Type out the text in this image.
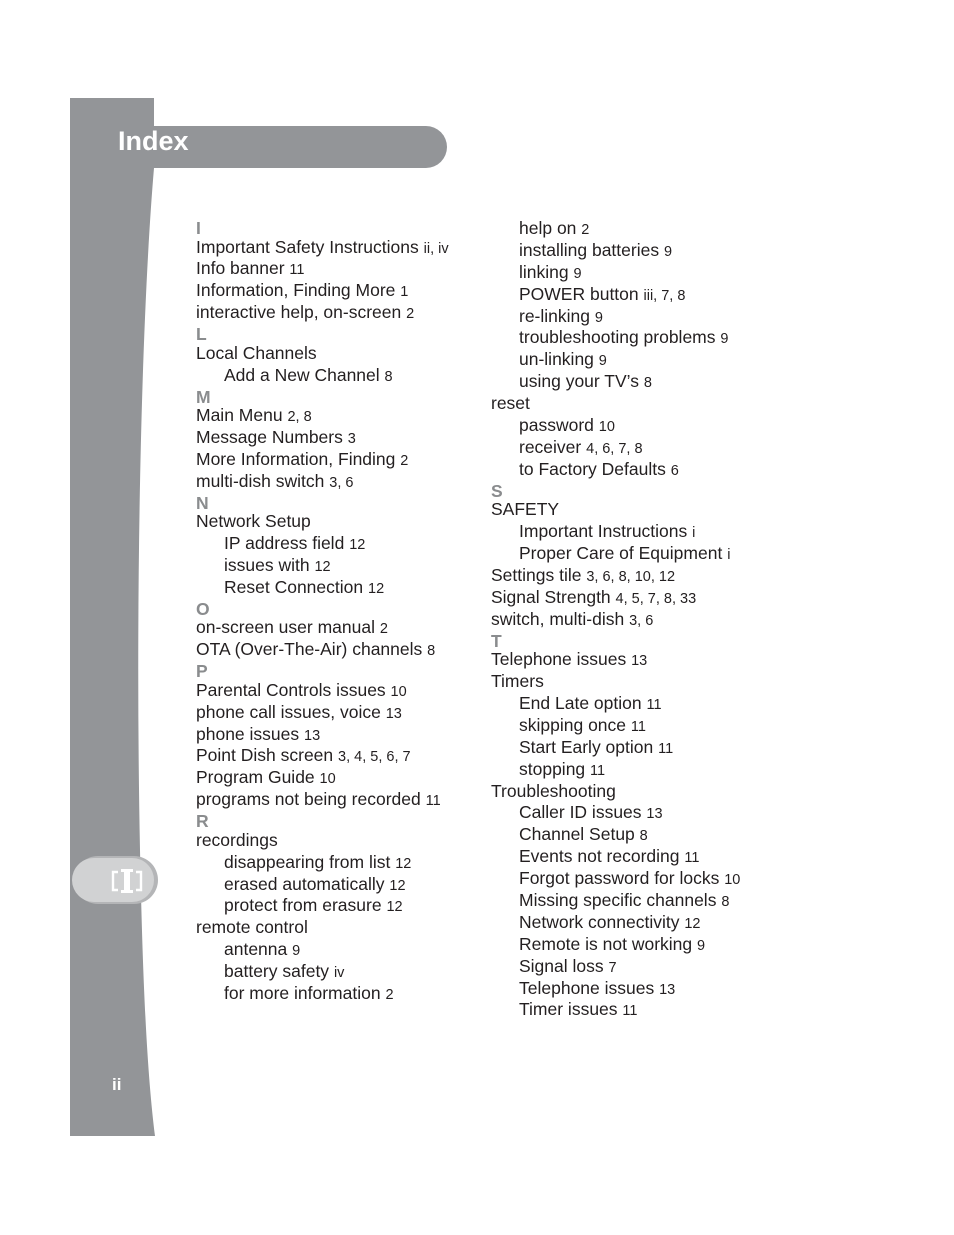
Index
ii
I
Important Safety Instructions ii, iv
Info banner 11
Information, Finding More 1
interactive help, on-screen 2
L
Local Channels
Add a New Channel 8
M
Main Menu 2, 8
Message Numbers 3
More Information, Finding 2
multi-dish switch 3, 6
N
Network Setup
IP address field 12
issues with 12
Reset Connection 12
O
on-screen user manual 2
OTA (Over-The-Air) channels 8
P
Parental Controls issues 10
phone call issues, voice 13
phone issues 13
Point Dish screen 3, 4, 5, 6, 7
Program Guide 10
programs not being recorded 11
R
recordings
disappearing from list 12
erased automatically 12
protect from erasure 12
remote control
antenna 9
battery safety iv
for more information 2
help on 2
installing batteries 9
linking 9
POWER button iii, 7, 8
re-linking 9
troubleshooting problems 9
un-linking 9
using your TV’s 8
reset
password 10
receiver 4, 6, 7, 8
to Factory Defaults 6
S
SAFETY
Important Instructions i
Proper Care of Equipment i
Settings tile 3, 6, 8, 10, 12
Signal Strength 4, 5, 7, 8, 33
switch, multi-dish 3, 6
T
Telephone issues 13
Timers
End Late option 11
skipping once 11
Start Early option 11
stopping 11
Troubleshooting
Caller ID issues 13
Channel Setup 8
Events not recording 11
Forgot password for locks 10
Missing specific channels 8
Network connectivity 12
Remote is not working 9
Signal loss 7
Telephone issues 13
Timer issues 11
